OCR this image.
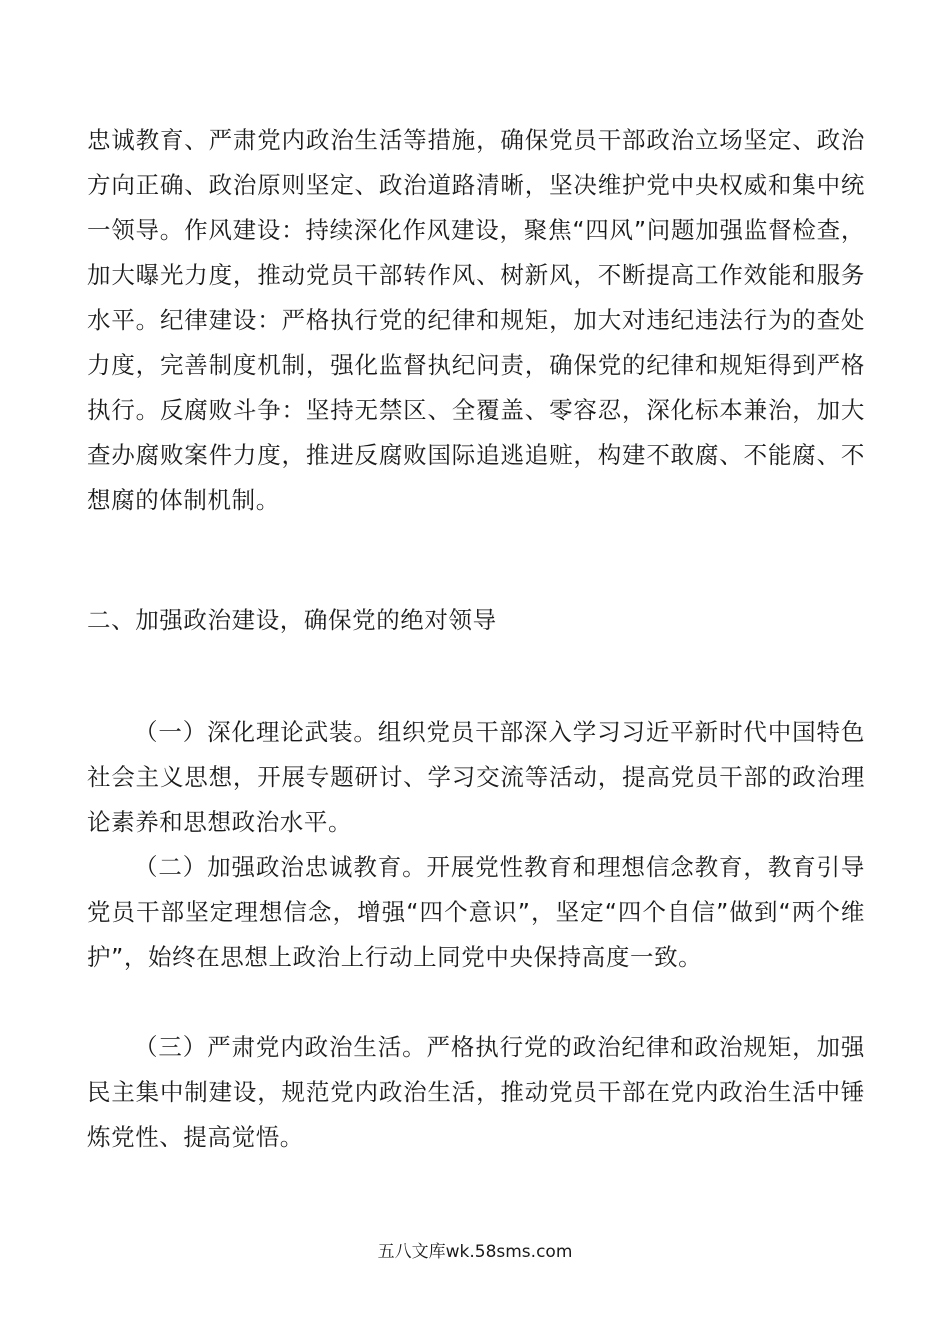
忠诚教育、严肃党内政治生活等措施，确保党员干部政治立场坚定、政治方向正确、政治原则坚定、政治道路清晰，坚决维护党中央权威和集中统一领导。作风建设：持续深化作风建设，聚焦“四风”问题加强监督检查，加大曝光力度，推动党员干部转作风、树新风，不断提高工作效能和服务水平。纪律建设：严格执行党的纪律和规矩，加大对违纪违法行为的查处力度，完善制度机制，强化监督执纪问责，确保党的纪律和规矩得到严格执行。反腐败斗争：坚持无禁区、全覆盖、零容忍，深化标本兼治，加大查办腐败案件力度，推进反腐败国际追逃追赃，构建不敢腐、不能腐、不想腐的体制机制。

二、加强政治建设，确保党的绝对领导

（一）深化理论武装。组织党员干部深入学习习近平新时代中国特色社会主义思想，开展专题研讨、学习交流等活动，提高党员干部的政治理论素养和思想政治水平。

（二）加强政治忠诚教育。开展党性教育和理想信念教育，教育引导党员干部坚定理想信念，增强“四个意识”，坚定“四个自信”做到“两个维护”，始终在思想上政治上行动上同党中央保持高度一致。

（三）严肃党内政治生活。严格执行党的政治纪律和政治规矩，加强民主集中制建设，规范党内政治生活，推动党员干部在党内政治生活中锤炼党性、提高觉悟。

五八文库wk.58sms.com
